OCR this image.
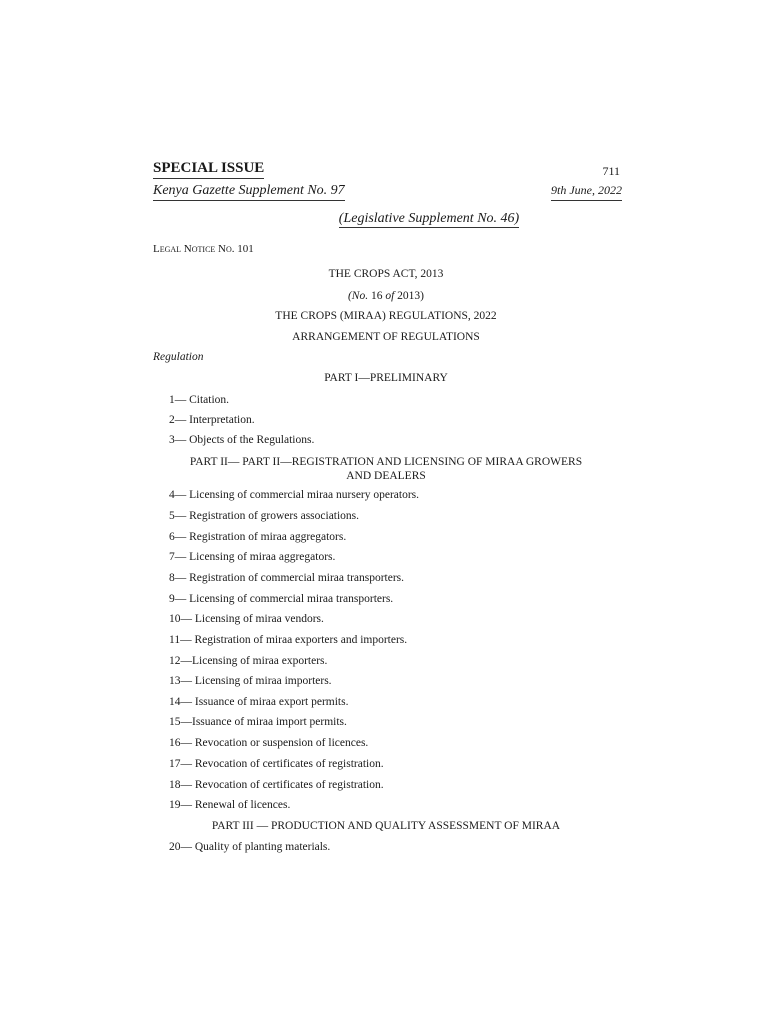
SPECIAL ISSUE	711
Kenya Gazette Supplement No. 97	9th June, 2022
(Legislative Supplement No. 46)
Legal Notice No. 101
THE CROPS ACT, 2013
(No. 16 of 2013)
THE CROPS (MIRAA) REGULATIONS, 2022
ARRANGEMENT OF REGULATIONS
Regulation
PART I—PRELIMINARY
1— Citation.
2— Interpretation.
3— Objects of the Regulations.
PART II— PART II—REGISTRATION AND LICENSING OF MIRAA GROWERS
AND DEALERS
4— Licensing of commercial miraa nursery operators.
5— Registration of growers associations.
6— Registration of miraa aggregators.
7— Licensing of miraa aggregators.
8— Registration of commercial miraa transporters.
9— Licensing of commercial miraa transporters.
10— Licensing of miraa vendors.
11— Registration of miraa exporters and importers.
12—Licensing of miraa exporters.
13— Licensing of miraa importers.
14— Issuance of miraa export permits.
15—Issuance of miraa import permits.
16— Revocation or suspension of licences.
17— Revocation of certificates of registration.
18— Revocation of certificates of registration.
19— Renewal of licences.
PART III — PRODUCTION AND QUALITY ASSESSMENT OF MIRAA
20— Quality of planting materials.
